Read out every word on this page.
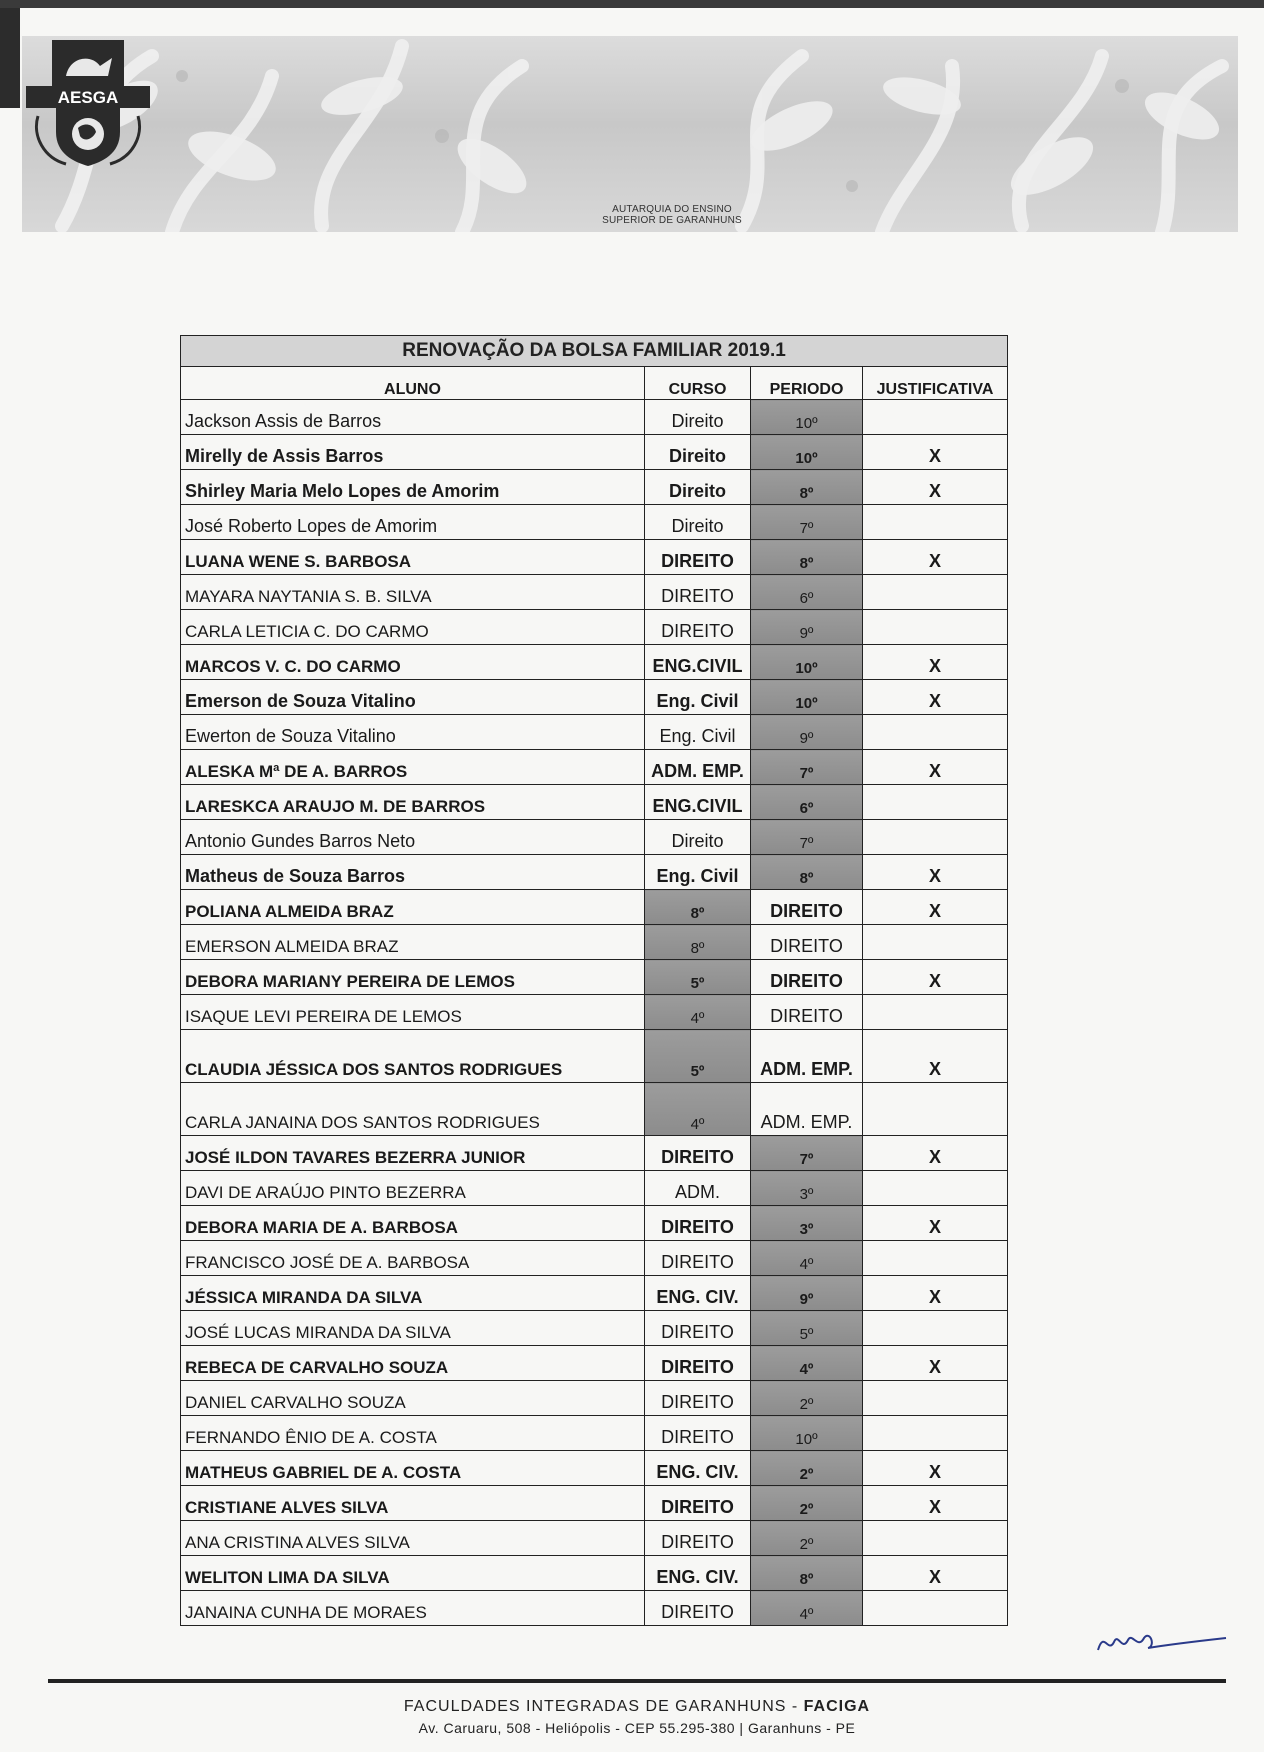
AESGA
AUTARQUIA DO ENSINO
SUPERIOR DE GARANHUNS
RENOVAÇÃO DA BOLSA FAMILIAR 2019.1			
ALUNO	CURSO	PERIODO	JUSTIFICATIVA
Jackson Assis de Barros	Direito	10º	
Mirelly de Assis Barros	Direito	10º	X
Shirley Maria Melo Lopes de Amorim	Direito	8º	X
José Roberto Lopes de Amorim	Direito	7º	
LUANA WENE S. BARBOSA	DIREITO	8º	X
MAYARA NAYTANIA S. B. SILVA	DIREITO	6º	
CARLA LETICIA C. DO CARMO	DIREITO	9º	
MARCOS V. C. DO CARMO	ENG.CIVIL	10º	X
Emerson de Souza Vitalino	Eng. Civil	10º	X
Ewerton de Souza Vitalino	Eng. Civil	9º	
ALESKA Mª DE A. BARROS	ADM. EMP.	7º	X
LARESKCA ARAUJO M. DE BARROS	ENG.CIVIL	6º	
Antonio Gundes Barros Neto	Direito	7º	
Matheus de Souza Barros	Eng. Civil	8º	X
POLIANA ALMEIDA BRAZ	8º	DIREITO	X
EMERSON ALMEIDA BRAZ	8º	DIREITO	
DEBORA MARIANY PEREIRA DE LEMOS	5º	DIREITO	X
ISAQUE LEVI PEREIRA DE LEMOS	4º	DIREITO	
CLAUDIA JÉSSICA DOS SANTOS RODRIGUES	5º	ADM. EMP.	X
CARLA JANAINA DOS SANTOS RODRIGUES	4º	ADM. EMP.	
JOSÉ ILDON TAVARES BEZERRA JUNIOR	DIREITO	7º	X
DAVI DE ARAÚJO PINTO BEZERRA	ADM.	3º	
DEBORA MARIA DE A. BARBOSA	DIREITO	3º	X
FRANCISCO JOSÉ DE A. BARBOSA	DIREITO	4º	
JÉSSICA MIRANDA DA SILVA	ENG. CIV.	9º	X
JOSÉ LUCAS MIRANDA DA SILVA	DIREITO	5º	
REBECA DE CARVALHO SOUZA	DIREITO	4º	X
DANIEL CARVALHO SOUZA	DIREITO	2º	
FERNANDO ÊNIO DE A. COSTA	DIREITO	10º	
MATHEUS GABRIEL DE A. COSTA	ENG. CIV.	2º	X
CRISTIANE ALVES SILVA	DIREITO	2º	X
ANA CRISTINA ALVES SILVA	DIREITO	2º	
WELITON LIMA DA SILVA	ENG. CIV.	8º	X
JANAINA CUNHA DE MORAES	DIREITO	4º	
FACULDADES INTEGRADAS DE GARANHUNS - FACIGA
Av. Caruaru, 508 - Heliópolis - CEP 55.295-380 | Garanhuns - PE
